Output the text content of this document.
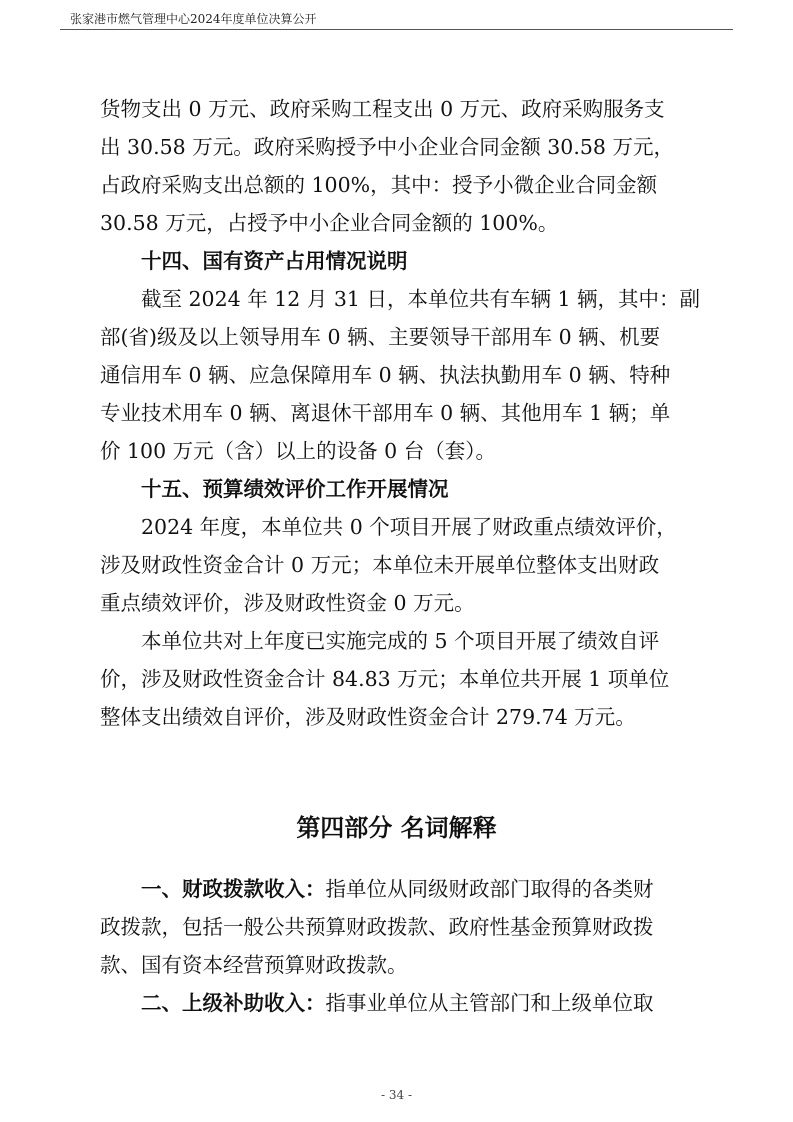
张家港市燃气管理中心2024年度单位决算公开
货物支出 0 万元、政府采购工程支出 0 万元、政府采购服务支
出 30.58 万元。政府采购授予中小企业合同金额 30.58 万元，
占政府采购支出总额的 100%，其中：授予小微企业合同金额
30.58 万元，占授予中小企业合同金额的 100%。
十四、国有资产占用情况说明
截至 2024 年 12 月 31 日，本单位共有车辆 1 辆，其中：副
部(省)级及以上领导用车 0 辆、主要领导干部用车 0 辆、机要
通信用车 0 辆、应急保障用车 0 辆、执法执勤用车 0 辆、特种
专业技术用车 0 辆、离退休干部用车 0 辆、其他用车 1 辆；单
价 100 万元（含）以上的设备 0 台（套）。
十五、预算绩效评价工作开展情况
2024 年度，本单位共 0 个项目开展了财政重点绩效评价，
涉及财政性资金合计 0 万元；本单位未开展单位整体支出财政
重点绩效评价，涉及财政性资金 0 万元。
本单位共对上年度已实施完成的 5 个项目开展了绩效自评
价，涉及财政性资金合计 84.83 万元；本单位共开展 1 项单位
整体支出绩效自评价，涉及财政性资金合计 279.74 万元。
第四部分 名词解释
一、财政拨款收入：指单位从同级财政部门取得的各类财
政拨款，包括一般公共预算财政拨款、政府性基金预算财政拨
款、国有资本经营预算财政拨款。
二、上级补助收入：指事业单位从主管部门和上级单位取
- 34 -
